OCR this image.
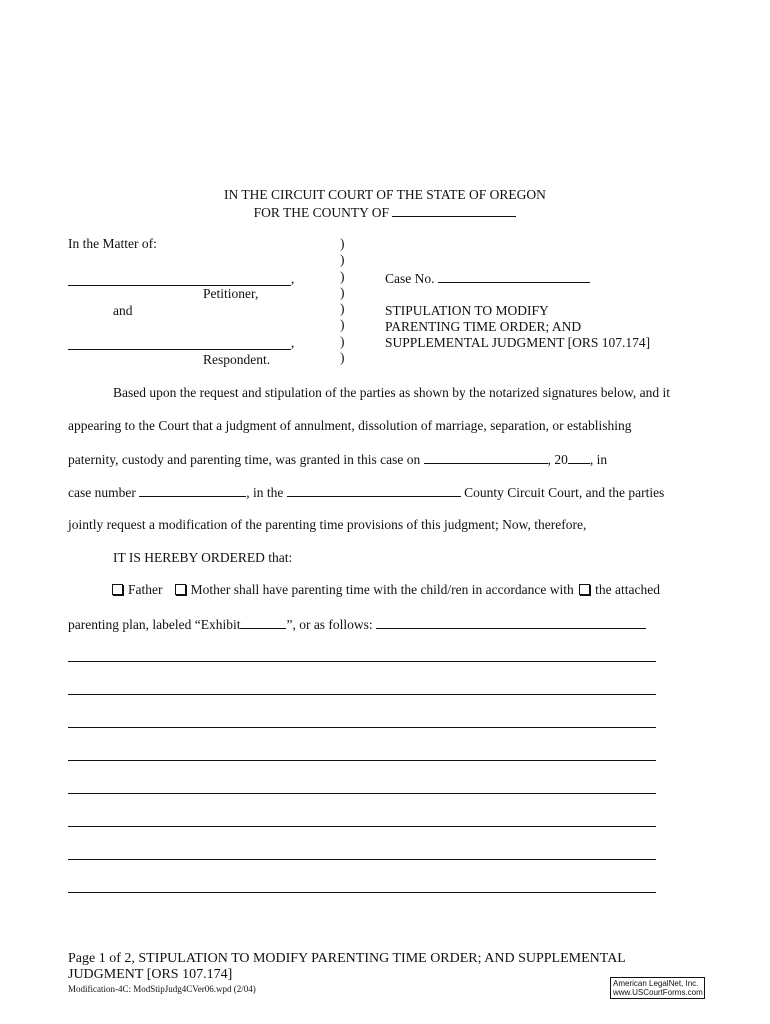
IN THE CIRCUIT COURT OF THE STATE OF OREGON
FOR THE COUNTY OF
In the Matter of:
,
Petitioner,
and
,
Respondent.
)
)
)
)
)
)
)
)
Case No.
STIPULATION TO MODIFY
PARENTING TIME ORDER; AND
SUPPLEMENTAL JUDGMENT [ORS 107.174]
Based upon the request and stipulation of the parties as shown by the notarized signatures below, and it
appearing to the Court that a judgment of annulment, dissolution of marriage, separation, or establishing
paternity, custody and parenting time, was granted in this case on	, 20 , in
case number	, in the	County Circuit Court, and the parties
jointly request a modification of the parenting time provisions of this judgment; Now, therefore,
IT IS HEREBY ORDERED that:
Father Mother shall have parenting time with the child/ren in accordance with the attached
parenting plan, labeled “Exhibit	”, or as follows:
Page 1 of 2, STIPULATION TO MODIFY PARENTING TIME ORDER; AND SUPPLEMENTAL
JUDGMENT [ORS 107.174]
Modification-4C: ModStipJudg4CVer06.wpd (2/04)
American LegalNet, Inc.
www.USCourtForms.com
